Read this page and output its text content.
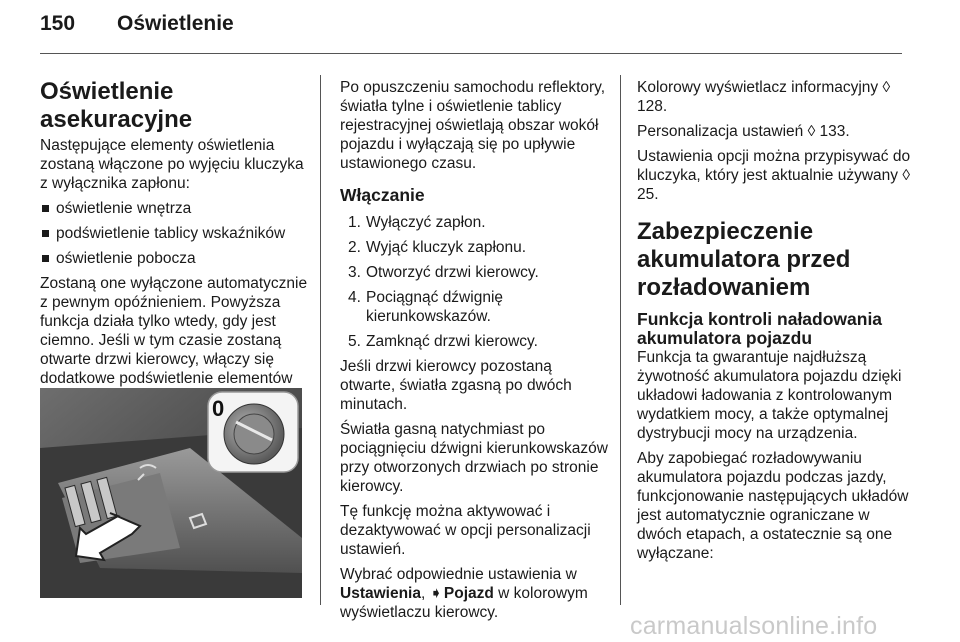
150 Oświetlenie
Oświetlenie asekuracyjne

Następujące elementy oświetlenia zostaną włączone po wyjęciu kluczyka z wyłącznika zapłonu:

oświetlenie wnętrza
podświetlenie tablicy wskaźników
oświetlenie pobocza

Zostaną one wyłączone automatycznie z pewnym opóźnieniem. Powyższa funkcja działa tylko wtedy, gdy jest ciemno. Jeśli w tym czasie zostaną otwarte drzwi kierowcy, włączy się dodatkowe podświetlenie elementów

0

Po opuszczeniu samochodu reflektory, światła tylne i oświetlenie tablicy rejestracyjnej oświetlają obszar wokół pojazdu i wyłączają się po upływie ustawionego czasu.

Włączanie
1. Wyłączyć zapłon.
2. Wyjąć kluczyk zapłonu.
3. Otworzyć drzwi kierowcy.
4. Pociągnąć dźwignię kierunkowskazów.
5. Zamknąć drzwi kierowcy.

Jeśli drzwi kierowcy pozostaną otwarte, światła zgasną po dwóch minutach.

Światła gasną natychmiast po pociągnięciu dźwigni kierunkowskazów przy otworzonych drzwiach po stronie kierowcy.

Tę funkcję można aktywować i dezaktywować w opcji personalizacji ustawień.

Wybrać odpowiednie ustawienia w
Ustawienia, ➧ Pojazd w kolorowym wyświetlaczu kierowcy.

Kolorowy wyświetlacz informacyjny ◊ 128.

Personalizacja ustawień ◊ 133.

Ustawienia opcji można przypisywać do kluczyka, który jest aktualnie używany ◊ 25.

Zabezpieczenie akumulatora przed rozładowaniem
Funkcja kontroli naładowania akumulatora pojazdu

Funkcja ta gwarantuje najdłuższą żywotność akumulatora pojazdu dzięki układowi ładowania z kontrolowanym wydatkiem mocy, a także optymalnej dystrybucji mocy na urządzenia.

Aby zapobiegać rozładowywaniu akumulatora pojazdu podczas jazdy, funkcjonowanie następujących układów jest automatycznie ograniczane w dwóch etapach, a ostatecznie są one wyłączane:

carmanualsonline.info
